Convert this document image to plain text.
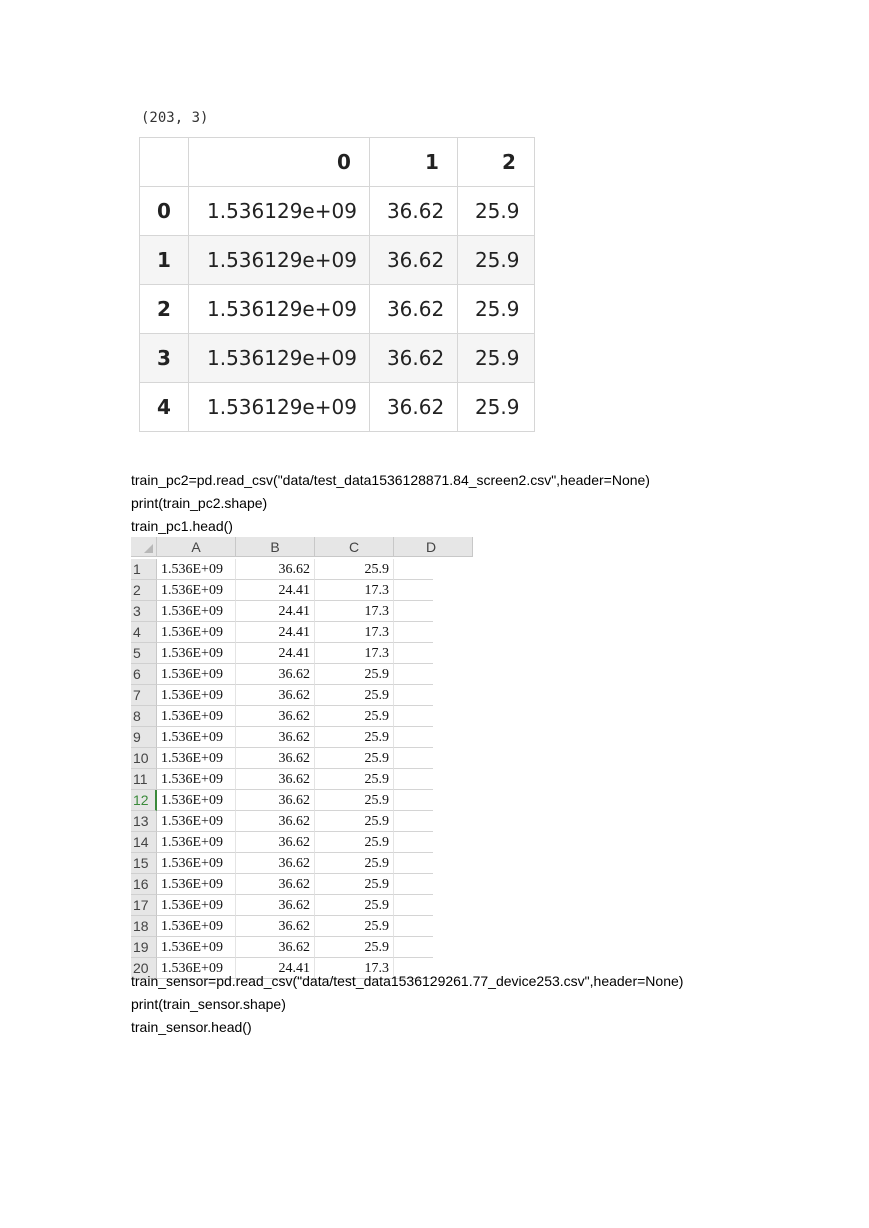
(203, 3)
	0	1	2
0	1.536129e+09	36.62	25.9
1	1.536129e+09	36.62	25.9
2	1.536129e+09	36.62	25.9
3	1.536129e+09	36.62	25.9
4	1.536129e+09	36.62	25.9
train_pc2=pd.read_csv("data/test_data1536128871.84_screen2.csv",header=None)
print(train_pc2.shape)
train_pc1.head()
A	B	C	D
1	1.536E+09	36.62	25.9
2	1.536E+09	24.41	17.3
3	1.536E+09	24.41	17.3
4	1.536E+09	24.41	17.3
5	1.536E+09	24.41	17.3
6	1.536E+09	36.62	25.9
7	1.536E+09	36.62	25.9
8	1.536E+09	36.62	25.9
9	1.536E+09	36.62	25.9
10 1.536E+09	36.62	25.9
11 1.536E+09	36.62	25.9
12 1.536E+09	36.62	25.9
13 1.536E+09	36.62	25.9
14 1.536E+09	36.62	25.9
15 1.536E+09	36.62	25.9
16 1.536E+09	36.62	25.9
17 1.536E+09	36.62	25.9
18 1.536E+09	36.62	25.9
19 1.536E+09	36.62	25.9
20 1.536E+09	24.41	17.3
train_sensor=pd.read_csv("data/test_data1536129261.77_device253.csv",header=None)
print(train_sensor.shape)
train_sensor.head()
